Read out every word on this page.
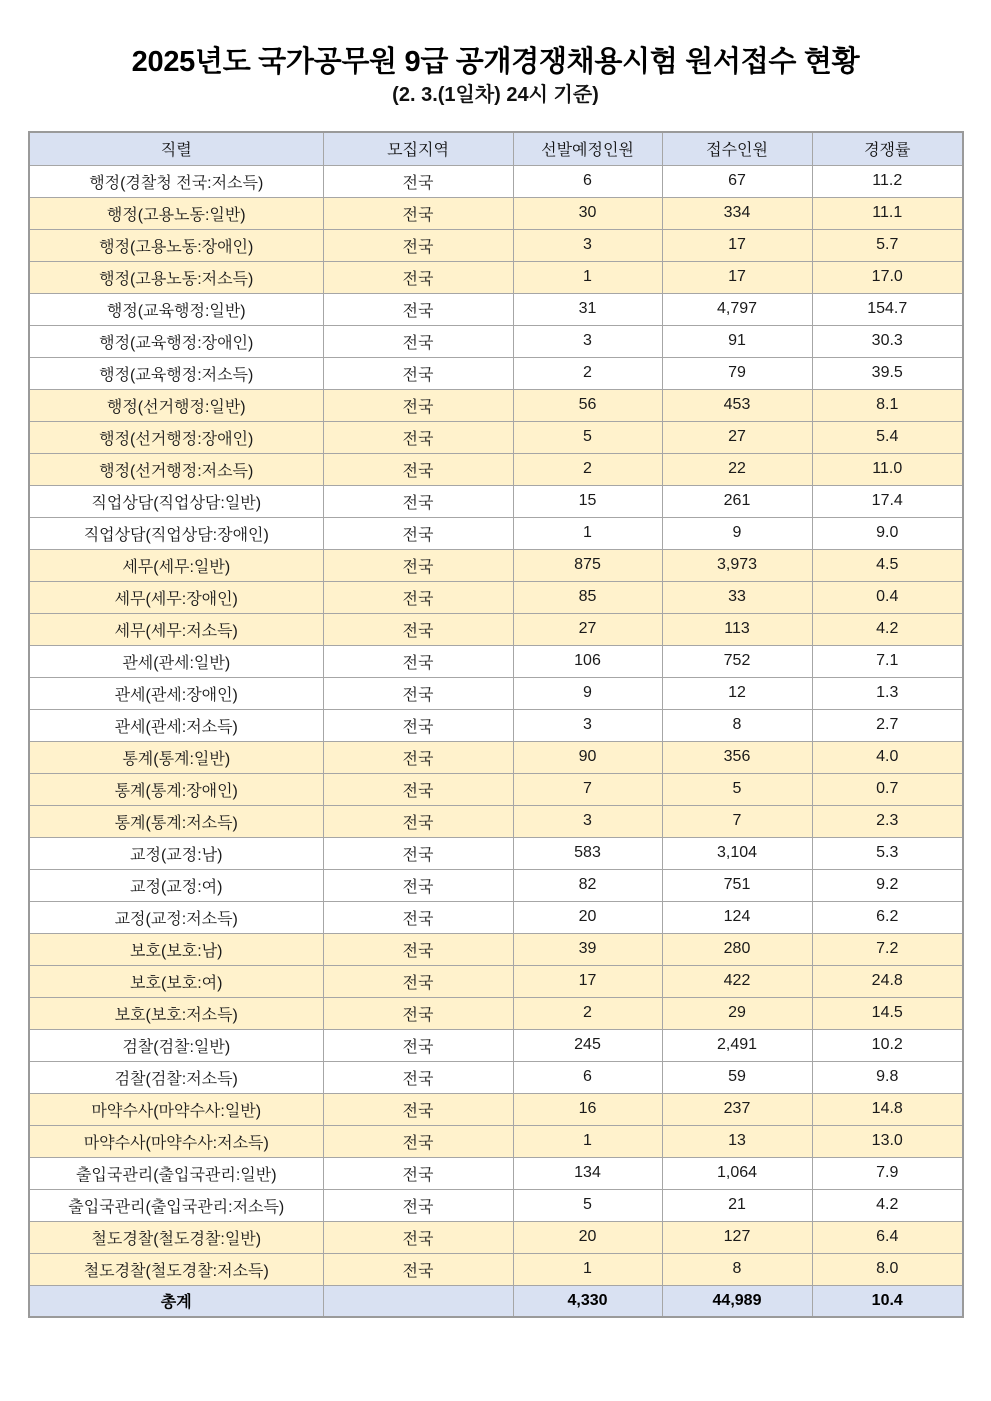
2025년도 국가공무원 9급 공개경쟁채용시험 원서접수 현황
(2. 3.(1일차) 24시 기준)
직렬	모집지역	선발예정인원	접수인원	경쟁률
행정(경찰청 전국:저소득)	전국	6	67	11.2
행정(고용노동:일반)	전국	30	334	11.1
행정(고용노동:장애인)	전국	3	17	5.7
행정(고용노동:저소득)	전국	1	17	17.0
행정(교육행정:일반)	전국	31	4,797	154.7
행정(교육행정:장애인)	전국	3	91	30.3
행정(교육행정:저소득)	전국	2	79	39.5
행정(선거행정:일반)	전국	56	453	8.1
행정(선거행정:장애인)	전국	5	27	5.4
행정(선거행정:저소득)	전국	2	22	11.0
직업상담(직업상담:일반)	전국	15	261	17.4
직업상담(직업상담:장애인)	전국	1	9	9.0
세무(세무:일반)	전국	875	3,973	4.5
세무(세무:장애인)	전국	85	33	0.4
세무(세무:저소득)	전국	27	113	4.2
관세(관세:일반)	전국	106	752	7.1
관세(관세:장애인)	전국	9	12	1.3
관세(관세:저소득)	전국	3	8	2.7
통계(통계:일반)	전국	90	356	4.0
통계(통계:장애인)	전국	7	5	0.7
통계(통계:저소득)	전국	3	7	2.3
교정(교정:남)	전국	583	3,104	5.3
교정(교정:여)	전국	82	751	9.2
교정(교정:저소득)	전국	20	124	6.2
보호(보호:남)	전국	39	280	7.2
보호(보호:여)	전국	17	422	24.8
보호(보호:저소득)	전국	2	29	14.5
검찰(검찰:일반)	전국	245	2,491	10.2
검찰(검찰:저소득)	전국	6	59	9.8
마약수사(마약수사:일반)	전국	16	237	14.8
마약수사(마약수사:저소득)	전국	1	13	13.0
출입국관리(출입국관리:일반)	전국	134	1,064	7.9
출입국관리(출입국관리:저소득)	전국	5	21	4.2
철도경찰(철도경찰:일반)	전국	20	127	6.4
철도경찰(철도경찰:저소득)	전국	1	8	8.0
총계		4,330	44,989	10.4
